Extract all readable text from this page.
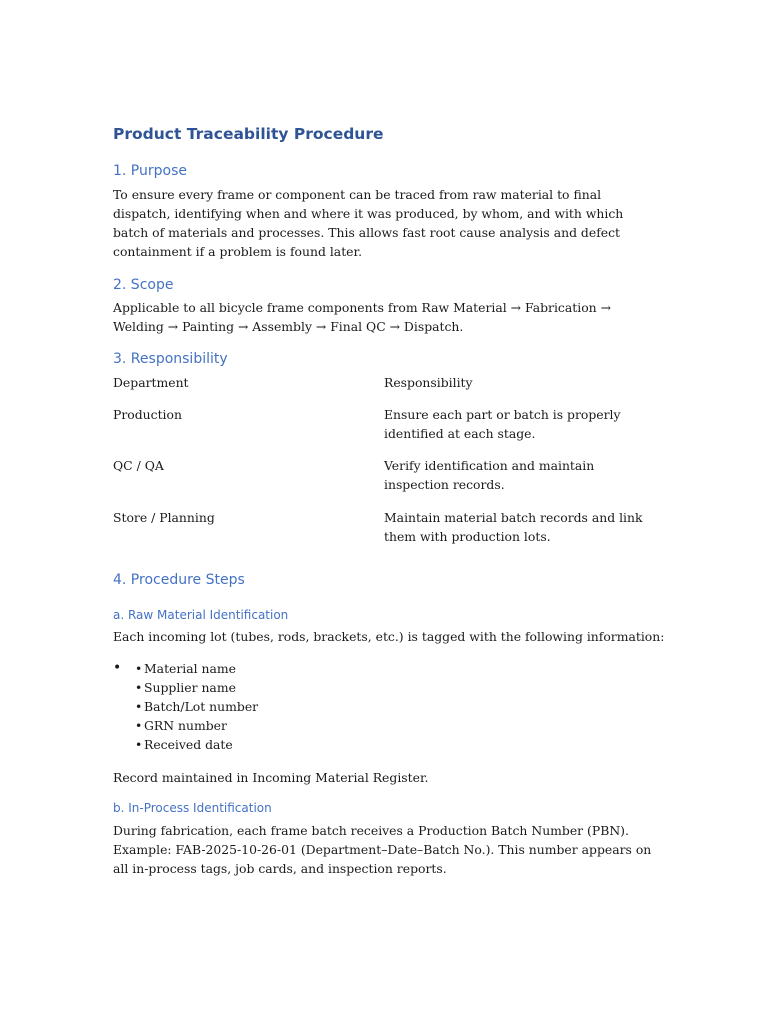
Product Traceability Procedure
1. Purpose

To ensure every frame or component can be traced from raw material to final dispatch, identifying when and where it was produced, by whom, and with which batch of materials and processes. This allows fast root cause analysis and defect containment if a problem is found later.

2. Scope

Applicable to all bicycle frame components from Raw Material → Fabrication → Welding → Painting → Assembly → Final QC → Dispatch.

3. Responsibility
Department	Responsibility
Production	Ensure each part or batch is properly identified at each stage.
QC / QA	Verify identification and maintain inspection records.
Store / Planning	Maintain material batch records and link them with production lots.
4. Procedure Steps
a. Raw Material Identification

Each incoming lot (tubes, rods, brackets, etc.) is tagged with the following information:

• • Material name
• Supplier name
• Batch/Lot number
• GRN number
• Received date

Record maintained in Incoming Material Register.

b. In-Process Identification

During fabrication, each frame batch receives a Production Batch Number (PBN). Example: FAB-2025-10-26-01 (Department–Date–Batch No.). This number appears on all in-process tags, job cards, and inspection reports.
